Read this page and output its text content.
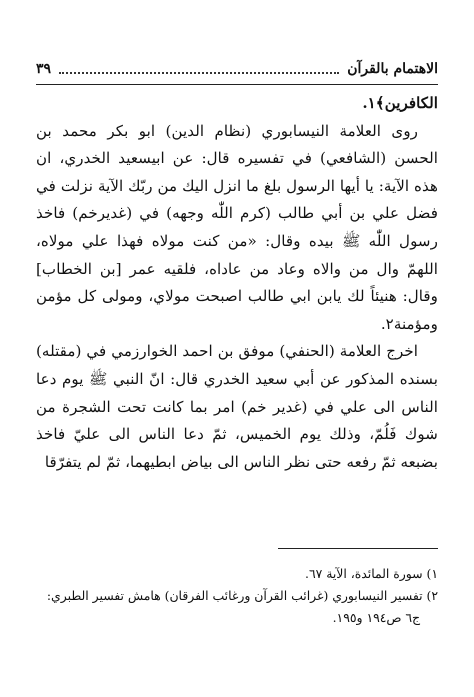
الاهتمام بالقرآن
٣٩

الكافرين﴾١.

روى العلامة النيسابوري (نظام الدين) ابو بكر محمد بن الحسن (الشافعي) في تفسيره قال: عن ابيسعيد الخدري، ان هذه الآية: يا أيها الرسول بلغ ما انزل اليك من ربّك الآية نزلت في فضل علي بن أبي طالب (كرم اللّٰه وجهه) في (غديرخم) فاخذ رسول اللّٰه ﷺ بيده وقال: «من كنت مولاه فهذا علي مولاه، اللهمّ وال من والاه وعاد من عاداه، فلقيه عمر [بن الخطاب] وقال: هنيئاً لك يابن ابي طالب اصبحت مولاي، ومولى كل مؤمن ومؤمنة٢.

اخرج العلامة (الحنفي) موفق بن احمد الخوارزمي في (مقتله) بسنده المذكور عن أبي سعيد الخدري قال: انّ النبي ﷺ يوم دعا الناس الى علي في (غدير خم) امر بما كانت تحت الشجرة من شوك فَلُمّ، وذلك يوم الخميس، ثمّ دعا الناس الى عليّ فاخذ بضبعه ثمّ رفعه حتى نظر الناس الى بياض ابطيهما، ثمّ لم يتفرّقا

١) سورة المائدة، الآية ٦٧.

٢) تفسير النيسابوري (غرائب القرآن ورغائب الفرقان) هامش تفسير الطبري:

ج٦ ص١٩٤ و١٩٥.
